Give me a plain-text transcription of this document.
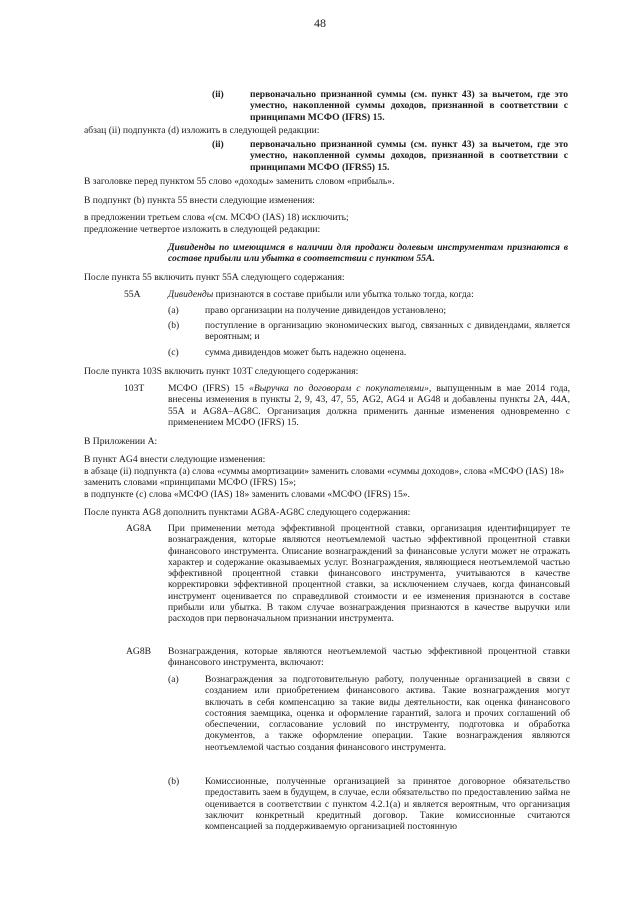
48
(ii)	первоначально признанной суммы (см. пункт 43) за вычетом, где это уместно, накопленной суммы доходов, признанной в соответствии с принципами МСФО (IFRS) 15.

абзац (ii) подпункта (d) изложить в следующей редакции:

(ii)	первоначально признанной суммы (см. пункт 43) за вычетом, где это уместно, накопленной суммы доходов, признанной в соответствии с принципами МСФО (IFRS5) 15.

В заголовке перед пунктом 55 слово «доходы» заменить словом «прибыль».

В подпункт (b) пункта 55 внести следующие изменения:

в предложении третьем слова «(см. МСФО (IAS) 18) исключить;

предложение четвертое изложить в следующей редакции:

Дивиденды по имеющимся в наличии для продажи долевым инструментам признаются в составе прибыли или убытка в соответствии с пунктом 55А.

После пункта 55 включить пункт 55А следующего содержания:

55А	Дивиденды признаются в составе прибыли или убытка только тогда, когда:

(a)	право организации на получение дивидендов установлено;

(b)	поступление в организацию экономических выгод, связанных с дивидендами, является вероятным; и

(c)	сумма дивидендов может быть надежно оценена.

После пункта 103S включить пункт 103T следующего содержания:

103T МСФО (IFRS) 15 «Выручка по договорам с покупателями», выпущенным в мае 2014 года, внесены изменения в пункты 2, 9, 43, 47, 55, AG2, AG4 и AG48 и добавлены пункты 2А, 44А, 55А и AG8A–AG8C. Организация должна применить данные изменения одновременно с применением МСФО (IFRS) 15.

В Приложении А:

В пункт AG4 внести следующие изменения:

в абзаце (ii) подпункта (а) слова «суммы амортизации» заменить словами «суммы доходов», слова «МСФО (IAS) 18» заменить словами «принципами МСФО (IFRS) 15»;

в подпункте (с) слова «МСФО (IAS) 18» заменить словами «МСФО (IFRS) 15».

После пункта AG8 дополнить пунктами AG8A-AG8C следующего содержания:

AG8A При применении метода эффективной процентной ставки, организация идентифицирует те вознаграждения, которые являются неотъемлемой частью эффективной процентной ставки финансового инструмента. Описание вознаграждений за финансовые услуги может не отражать характер и содержание оказываемых услуг. Вознаграждения, являющиеся неотъемлемой частью эффективной процентной ставки финансового инструмента, учитываются в качестве корректировки эффективной процентной ставки, за исключением случаев, когда финансовый инструмент оценивается по справедливой стоимости и ее изменения признаются в составе прибыли или убытка. В таком случае вознаграждения признаются в качестве выручки или расходов при первоначальном признании инструмента.

AG8B Вознаграждения, которые являются неотъемлемой частью эффективной процентной ставки финансового инструмента, включают:

(a)	Вознаграждения за подготовительную работу, полученные организацией в связи с созданием или приобретением финансового актива. Такие вознаграждения могут включать в себя компенсацию за такие виды деятельности, как оценка финансового состояния заемщика, оценка и оформление гарантий, залога и прочих соглашений об обеспечении, согласование условий по инструменту, подготовка и обработка документов, а также оформление операции. Такие вознаграждения являются неотъемлемой частью создания финансового инструмента.

(b)	Комиссионные, полученные организацией за принятое договорное обязательство предоставить заем в будущем, в случае, если обязательство по предоставлению займа не оценивается в соответствии с пунктом 4.2.1(а) и является вероятным, что организация заключит конкретный кредитный договор. Такие комиссионные считаются компенсацией за поддерживаемую организацией постоянную
